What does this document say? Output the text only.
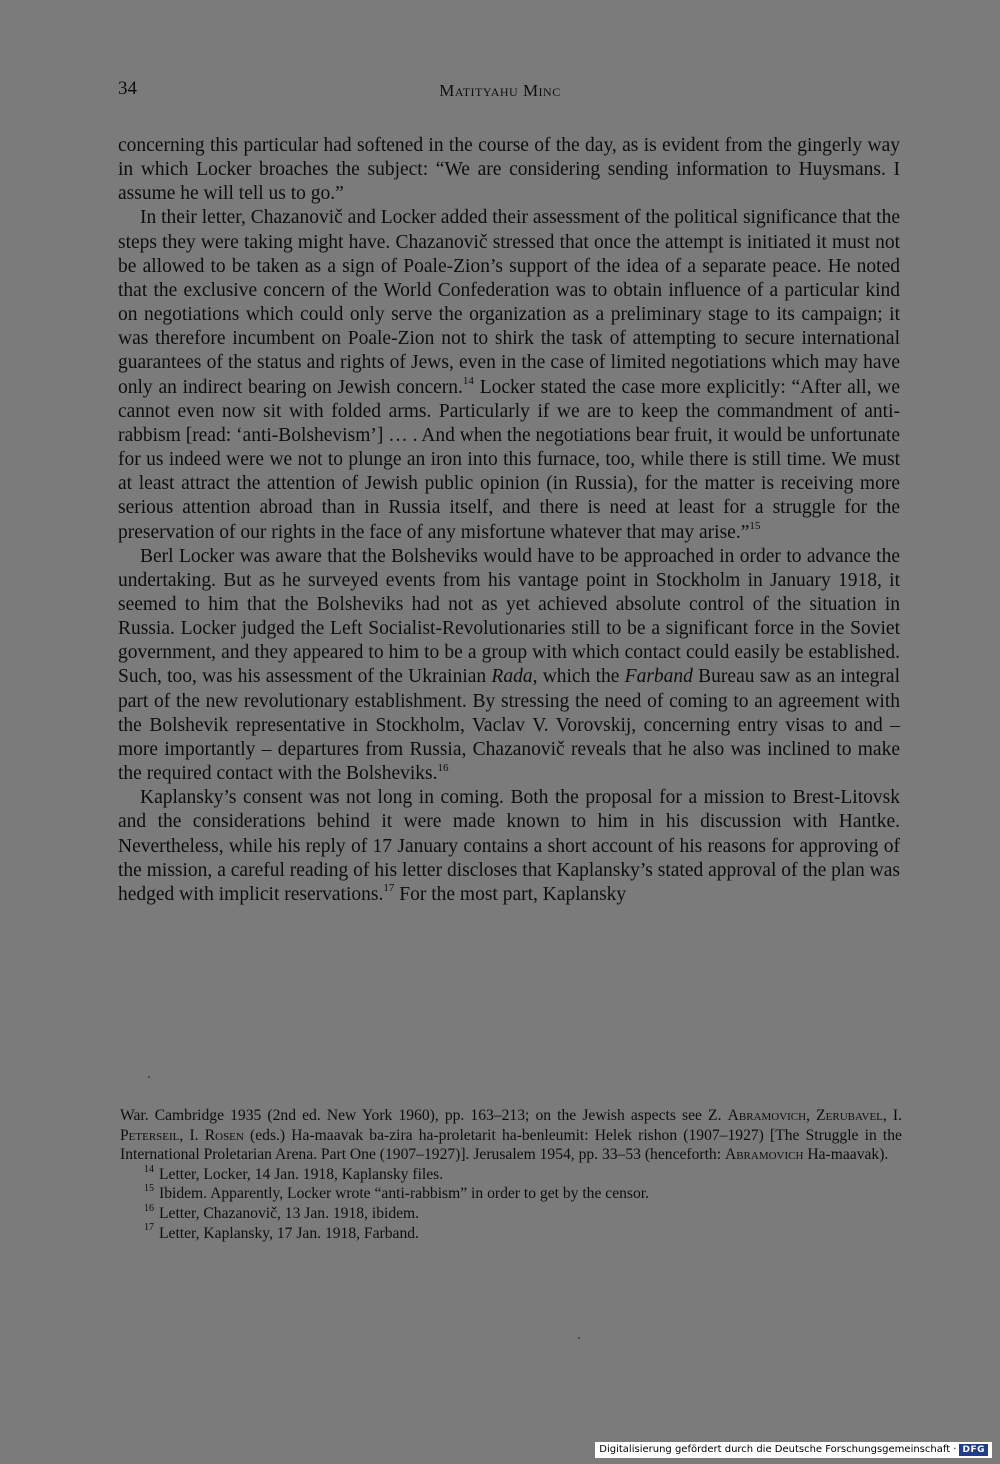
34	Matityahu Minc

concerning this particular had softened in the course of the day, as is evident from the gingerly way in which Locker broaches the subject: “We are considering sending information to Huysmans. I assume he will tell us to go.”

In their letter, Chazanovič and Locker added their assessment of the political significance that the steps they were taking might have. Chazanovič stressed that once the attempt is initiated it must not be allowed to be taken as a sign of Poale-Zion’s support of the idea of a separate peace. He noted that the exclusive concern of the World Confederation was to obtain influence of a particular kind on negotiations which could only serve the organization as a preliminary stage to its campaign; it was therefore incumbent on Poale-Zion not to shirk the task of attempting to secure international guarantees of the status and rights of Jews, even in the case of limited negotiations which may have only an indirect bearing on Jewish concern.$^{14}$ Locker stated the case more explicitly: “After all, we cannot even now sit with folded arms. Particularly if we are to keep the commandment of anti-rabbism [read: ‘anti-Bolshevism’] … . And when the negotiations bear fruit, it would be unfortunate for us indeed were we not to plunge an iron into this furnace, too, while there is still time. We must at least attract the attention of Jewish public opinion (in Russia), for the matter is receiving more serious attention abroad than in Russia itself, and there is need at least for a struggle for the preservation of our rights in the face of any misfortune whatever that may arise.”$^{15}$

Berl Locker was aware that the Bolsheviks would have to be approached in order to advance the undertaking. But as he surveyed events from his vantage point in Stockholm in January 1918, it seemed to him that the Bolsheviks had not as yet achieved absolute control of the situation in Russia. Locker judged the Left Socialist-Revolutionaries still to be a significant force in the Soviet government, and they appeared to him to be a group with which contact could easily be established. Such, too, was his assessment of the Ukrainian Rada, which the Farband Bureau saw as an integral part of the new revolutionary establishment. By stressing the need of coming to an agreement with the Bolshevik representative in Stockholm, Vaclav V. Vorovskij, concerning entry visas to and – more importantly – departures from Russia, Chazanovič reveals that he also was inclined to make the required contact with the Bolsheviks.$^{16}$

Kaplansky’s consent was not long in coming. Both the proposal for a mission to Brest-Litovsk and the considerations behind it were made known to him in his discussion with Hantke. Nevertheless, while his reply of 17 January contains a short account of his reasons for approving of the mission, a careful reading of his letter discloses that Kaplansky’s stated approval of the plan was hedged with implicit reservations.$^{17}$ For the most part, Kaplansky

War. Cambridge 1935 (2nd ed. New York 1960), pp. 163–213; on the Jewish aspects see Z. Abramovich, Zerubavel, I. Peterseil, I. Rosen (eds.) Ha-maavak ba-zira ha-proletarit ha-benleumit: Helek rishon (1907–1927) [The Struggle in the International Proletarian Arena. Part One (1907–1927)]. Jerusalem 1954, pp. 33–53 (henceforth: Abramovich Ha-maavak).

$^{14}$ Letter, Locker, 14 Jan. 1918, Kaplansky files.

$^{15}$ Ibidem. Apparently, Locker wrote “anti-rabbism” in order to get by the censor.

$^{16}$ Letter, Chazanovič, 13 Jan. 1918, ibidem.

$^{17}$ Letter, Kaplansky, 17 Jan. 1918, Farband.

Digitalisierung gefördert durch die Deutsche Forschungsgemeinschaft · DFG
